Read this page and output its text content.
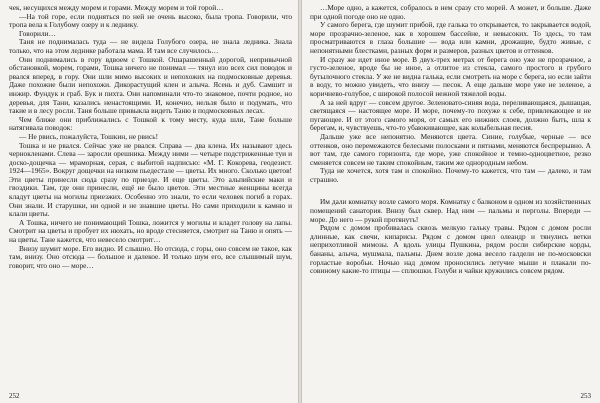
чек, несущихся между морем и горами. Между морем и той горой…

—На той горе, если подняться по ней не очень высоко, была тропа. Говорили, что тропа вела к Голубому озеру и к леднику.

Говорили…

Таня не поднималась туда — не видела Голубого озера, не знала ледника. Знала только, что на этом леднике работала мама. И там все случилось…

Они поднимались в гору вдвоем с Тошкой. Ошарашенный дорогой, непривычной обстановкой, морем, горами, Тошка ничего не понимал — тянул изо всех сил поводок и рвался вперед, в гору. Они шли мимо высоких и непохожих на подмосковные деревья. Даже похожие были непохожи. Дикорастущий клен и алыча. Ясень и дуб. Самшит и инжир. Фундук и граб. Бук и пихта. Они напоминали что-то знакомое, почти родное, но деревья, для Тани, казались ненастоящими. И, конечно, нельзя было и подумать, что такие и в лесу росли. Таня больше привыкла видеть Таню в подмосковных лесах.

Чем ближе они приближались с Тошкой к тому месту, куда шли, Тане больше натягивала поводок:

— Не рвись, пожалуйста, Тошкин, не рвись!

Тошка и не рвался. Сейчас уже не рвался. Справа — два клена. Их называют здесь чернокленами. Слева — заросли орешника. Между ними — четыре подстриженные туи и доско-дощечка — мраморная, серая, с выбитой надписью: «М. Г. Кокорева, геодезист. 1924—1965». Вокруг дощечки на низком пьедестале — цветы. Их много. Сколько цветов! Эти цветы принесли сюда сразу по приезде. И еще цветы. Это альпийские маки и гвоздики. Там, где они принесли, ещё не было цветов. Эти местные женщины всегда кладут цветы на могилы приезжих. Особенно это знали, то если человек погиб в горах. Они знали. И старушки, ни одной и не знавшие цветы. Но сами приходили к камню и клали цветы.

А Тошка, ничего не понимающий Тошка, ложится у могилы и кладет голову на лапы. Смотрит на цветы и пробует их нюхать, но вроде стесняется, смотрит на Таню и опять — на цветы. Тане кажется, что невесело смотрит…

Внизу шумит море. Его видно. И слышно. Но отсюда, с горы, оно совсем не такое, как там, внизу. Оно отсюда — большое и далекое. И только шум его, все слышимый шум, говорит, что оно — море…

252

…Море одно, а кажется, собралось в нем сразу сто морей. А может, и больше. Даже при одной погоде оно не одно.

У самого берега, где шумит прибой, где галька то открывается, то закрывается водой, море прозрачно-зеленое, как в хорошем бассейне, и невысоких. То здесь, то там просматриваются в глаза большие — вода или камни, дрожащие, будто живые, с непонятными блестками, разных форм и размеров, разных цветов и оттенков.

И сразу же идет иное море. В двух-трех метрах от берега оно уже не прозрачное, а густо-зеленое, вроде бы не иное, а отлитое из стекла, самого простого и грубого бутылочного стекла. У же не видна галька, если смотреть на море с берега, но если зайти в воду, то можно увидеть, что внизу — песок. А еще дальше море уже не зеленое, а коричнево-голубое, с широкой полосой нежной тяжелой воды.

А за ней вдруг — совсем другое. Зеленовато-синяя вода, переливающаяся, дышащая, светящаяся — настоящее море. И море, почему-то похуже к себе, привлекающее и не пугающее. И от этого самого моря, от самых его нижних слоев, должно быть, шла к берегам, и, чувствуешь, что-то убаюкивающее, как колыбельная песня.

Дальше уже все непонятно. Меняются цвета. Синие, голубые, черные — все оттенков, оно перемежаются белесыми полосками и пятнами, меняются беспрерывно. А вот там, где самого горизонта, где море, уже спокойное и темно-одноцветное, резко сменяется совсем не таким спокойным, таким же однородным небом.

Туда не хочется, хотя там и спокойно. Почему-то кажется, что там — далеко, и там страшно.

Им дали комнатку возле самого моря. Комнатку с балконом в одном из хозяйственных помещений санатория. Внизу был сквер. Над ним — пальмы и перголы. Впереди — море. До него — рукой протянуть!

Рядом с домом пробивалась сквозь мелкую гальку травы. Рядом с домом росли длинные, как свечи, кипарисы. Рядом с домом цвел олеандр и тянулись ветки неприхотливой мимозы. А вдоль улицы Пушкина, рядом росли сибирские корды, бананы, алыча, мушмала, пальмы. Днем возле дома весело галдели не по-московски горластые воробьи. Ночью над домом проносились летучие мыши и плакали по-совиному какие-то птицы — сплюшки. Голуби и чайки кружились совсем рядом.

253
